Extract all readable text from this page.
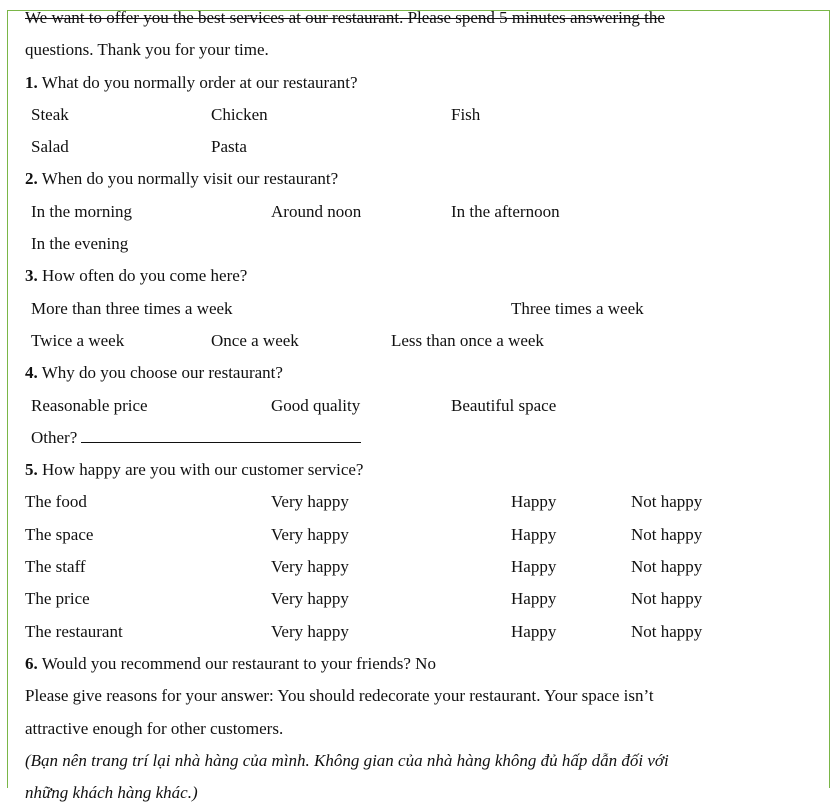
We want to offer you the best services at our restaurant. Please spend 5 minutes answering the
questions. Thank you for your time.
1. What do you normally order at our restaurant?
Steak	Chicken	Fish
Salad	Pasta
2. When do you normally visit our restaurant?
In the morning	Around noon	In the afternoon
In the evening
3. How often do you come here?
More than three times a week	Three times a week
Twice a week	Once a week	Less than once a week
4. Why do you choose our restaurant?
Reasonable price	Good quality	Beautiful space
Other?
5. How happy are you with our customer service?
The food	Very happy	Happy	Not happy
The space	Very happy	Happy	Not happy
The staff	Very happy	Happy	Not happy
The price	Very happy	Happy	Not happy
The restaurant	Very happy	Happy	Not happy
6. Would you recommend our restaurant to your friends? No
Please give reasons for your answer: You should redecorate your restaurant. Your space isn’t
attractive enough for other customers.
(Bạn nên trang trí lại nhà hàng của mình. Không gian của nhà hàng không đủ hấp dẫn đối với
những khách hàng khác.)
